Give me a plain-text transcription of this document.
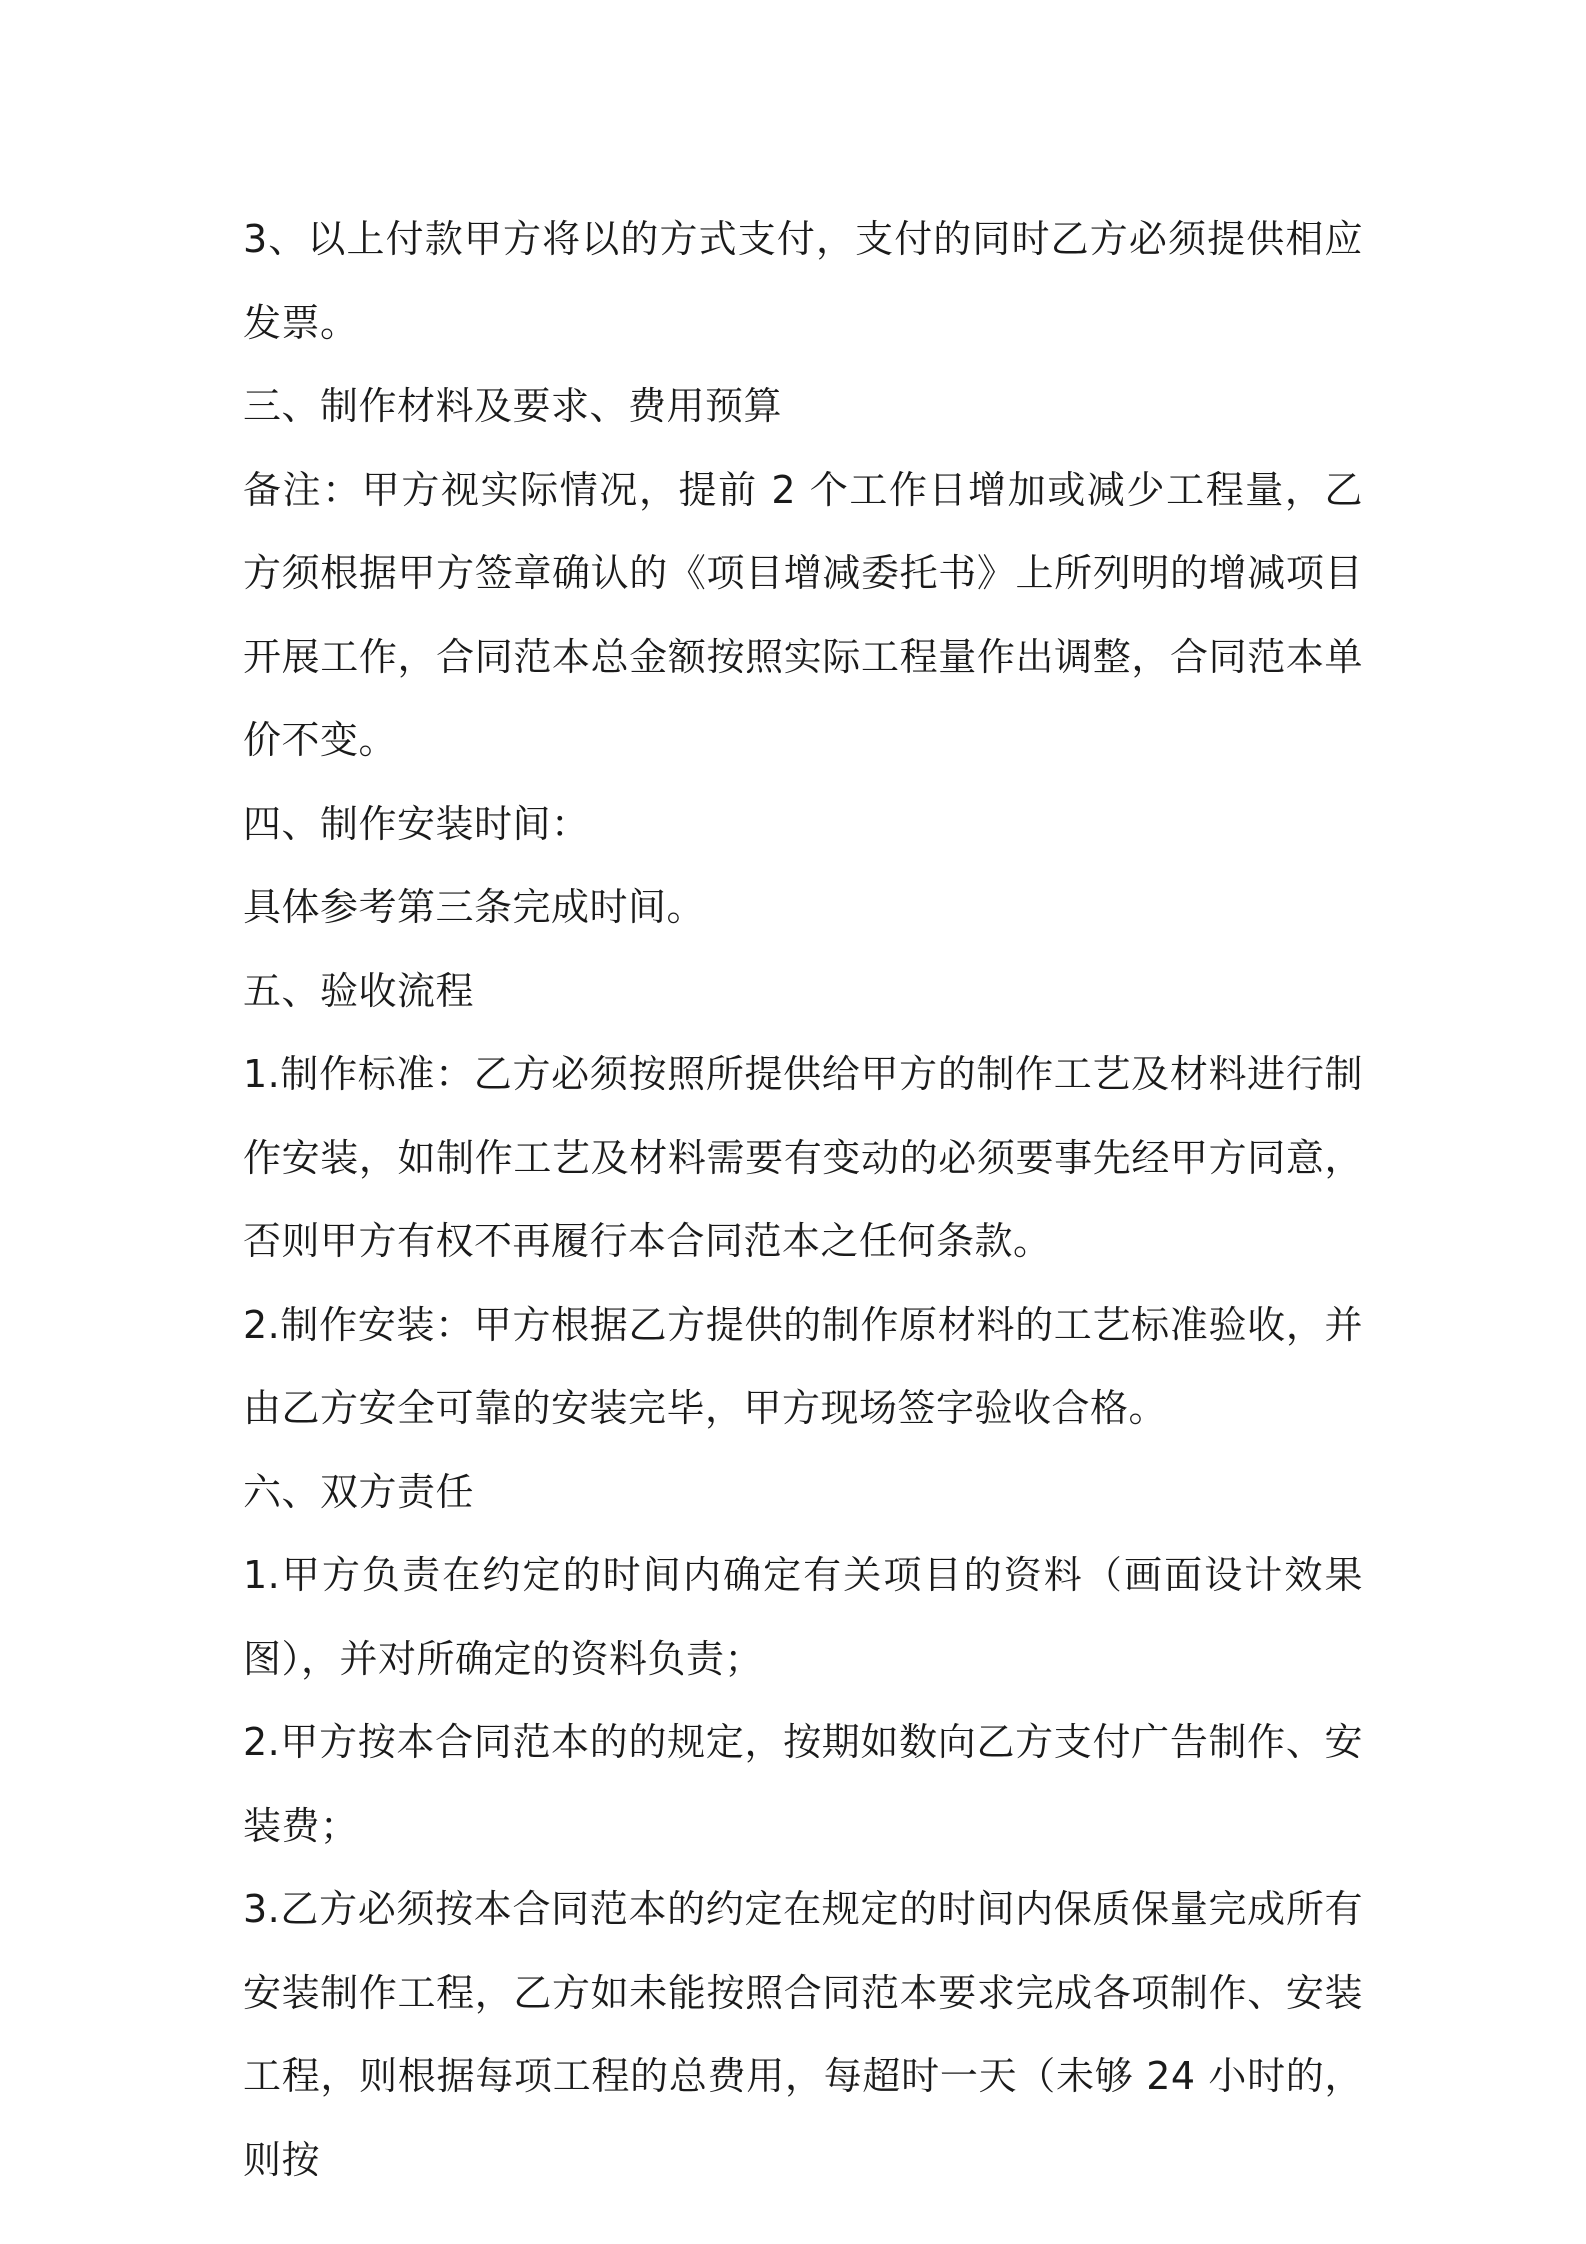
3、以上付款甲方将以的方式支付，支付的同时乙方必须提供相应发票。

三、制作材料及要求、费用预算

备注：甲方视实际情况，提前 2 个工作日增加或减少工程量，乙方须根据甲方签章确认的《项目增减委托书》上所列明的增减项目开展工作，合同范本总金额按照实际工程量作出调整，合同范本单价不变。

四、制作安装时间：

具体参考第三条完成时间。

五、验收流程

1.制作标准：乙方必须按照所提供给甲方的制作工艺及材料进行制作安装，如制作工艺及材料需要有变动的必须要事先经甲方同意，否则甲方有权不再履行本合同范本之任何条款。

2.制作安装：甲方根据乙方提供的制作原材料的工艺标准验收，并由乙方安全可靠的安装完毕，甲方现场签字验收合格。

六、双方责任

1.甲方负责在约定的时间内确定有关项目的资料（画面设计效果图），并对所确定的资料负责；

2.甲方按本合同范本的的规定，按期如数向乙方支付广告制作、安装费；

3.乙方必须按本合同范本的约定在规定的时间内保质保量完成所有安装制作工程，乙方如未能按照合同范本要求完成各项制作、安装工程，则根据每项工程的总费用，每超时一天（未够 24 小时的，则按
